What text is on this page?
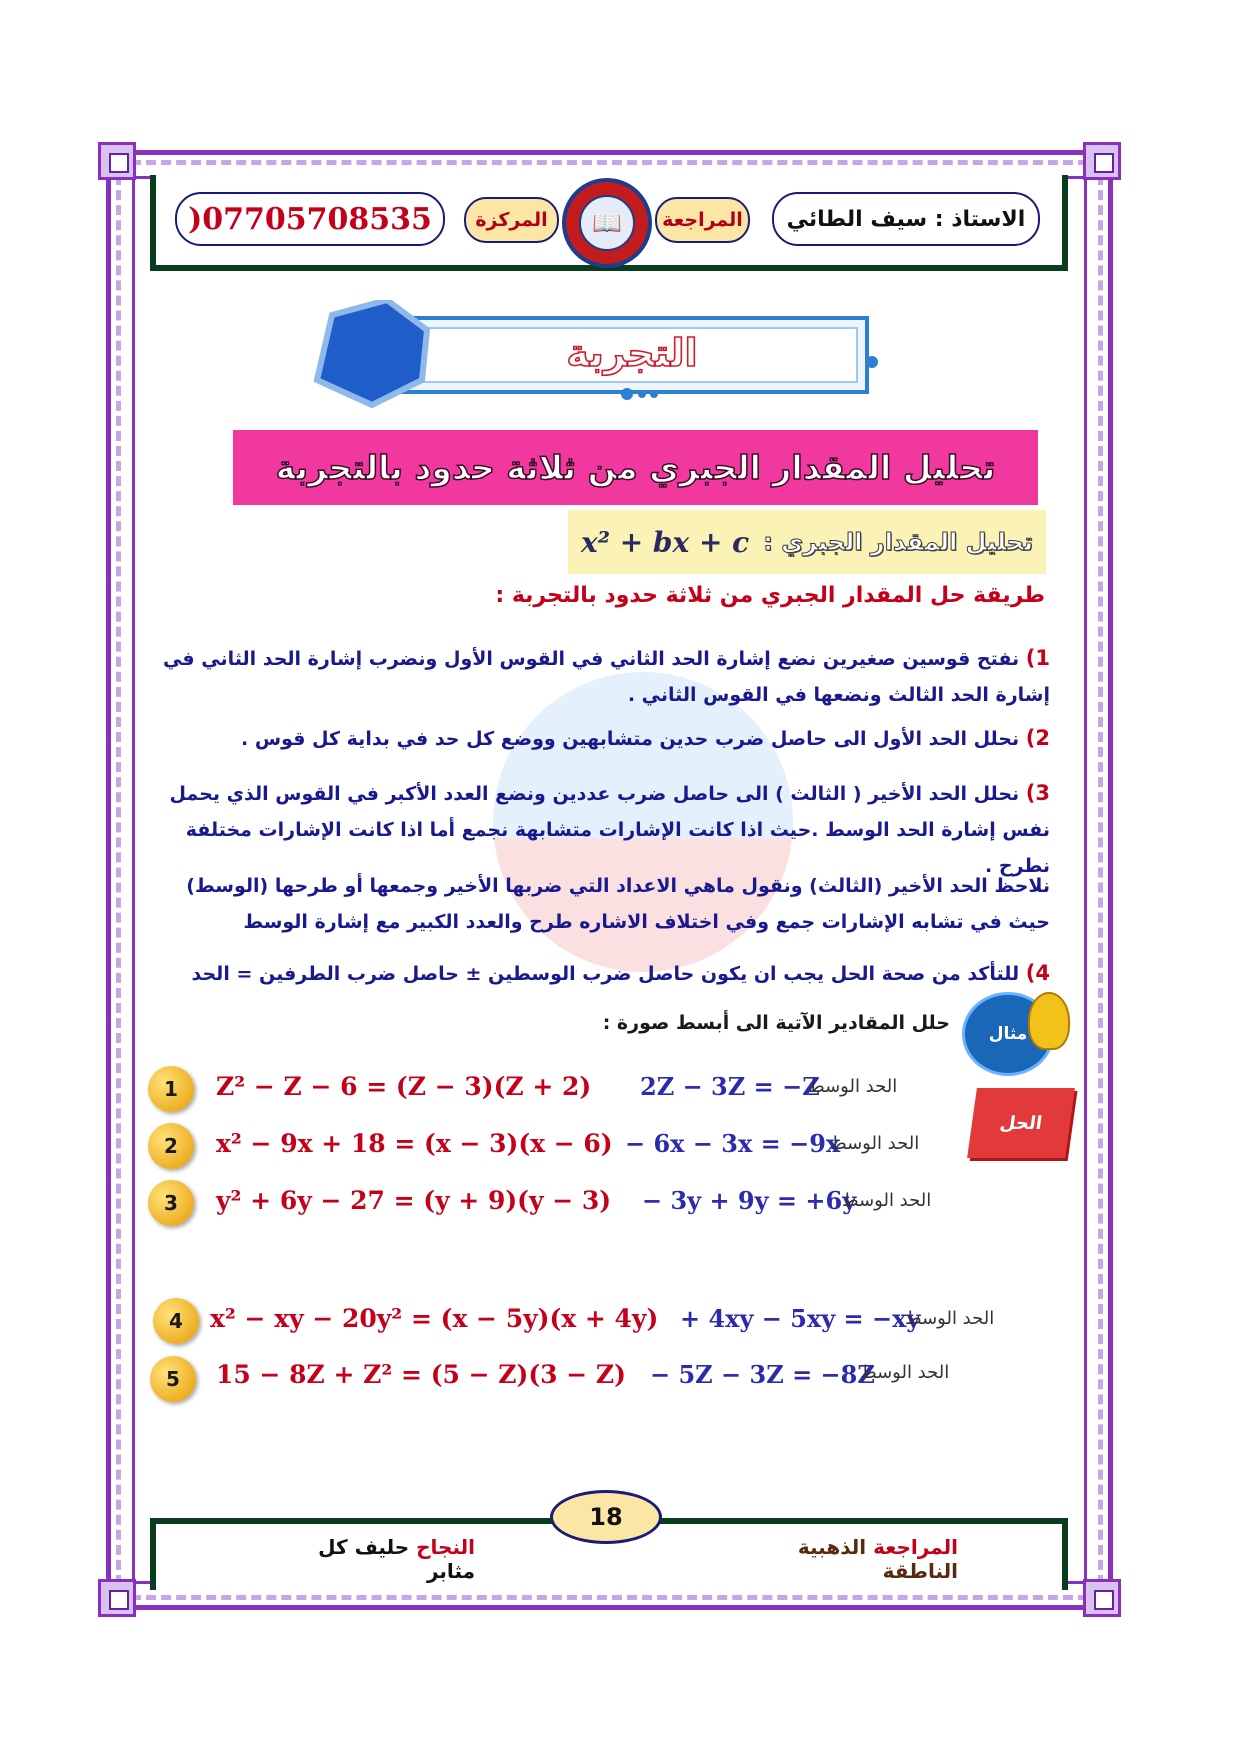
) 07705708535	الاستاذ : سيف الطائي
المراجعة
المركزة	📖
التجربة
تحليل المقدار الجبري من ثلاثة حدود بالتجربة
تحليل المقدار الجبري :
x² + bx + c
طريقة حل المقدار الجبري من ثلاثة حدود بالتجربة :
1) نفتح قوسين صغيرين نضع إشارة الحد الثاني في القوس الأول ونضرب إشارة الحد الثاني في إشارة الحد الثالث ونضعها في القوس الثاني .
2) نحلل الحد الأول الى حاصل ضرب حدين متشابهين ووضع كل حد في بداية كل قوس .
3) نحلل الحد الأخير ( الثالث ) الى حاصل ضرب عددين ونضع العدد الأكبر في القوس الذي يحمل نفس إشارة الحد الوسط .حيث اذا كانت الإشارات متشابهة نجمع أما اذا كانت الإشارات مختلفة نطرح .
نلاحظ الحد الأخير (الثالث) ونقول ماهي الاعداد التي ضربها الأخير وجمعها أو طرحها (الوسط) حيث في تشابه الإشارات جمع وفي اختلاف الاشاره طرح والعدد الكبير مع إشارة الوسط
4) للتأكد من صحة الحل يجب ان يكون حاصل ضرب الوسطين ± حاصل ضرب الطرفين = الحد
مثال
حلل المقادير الآتية الى أبسط صورة :
الحل
1	Z² − Z − 6 = (Z − 3)(Z + 2) 2Z − 3Z = −Z
الحد الوسط
2	x² − 9x + 18 = (x − 3)(x − 6) − 6x − 3x = −9x
الحد الوسط
3	y² + 6y − 27 = (y + 9)(y − 3) − 3y + 9y = +6y
الحد الوسط
4	x² − xy − 20y² = (x − 5y)(x + 4y) + 4xy − 5xy = −xy
الحد الوسط
5	15 − 8Z + Z² = (5 − Z)(3 − Z) − 5Z − 3Z = −8Z
الحد الوسط
18
النجاح حليف كل مثابر
المراجعة الذهبية الناطقة
